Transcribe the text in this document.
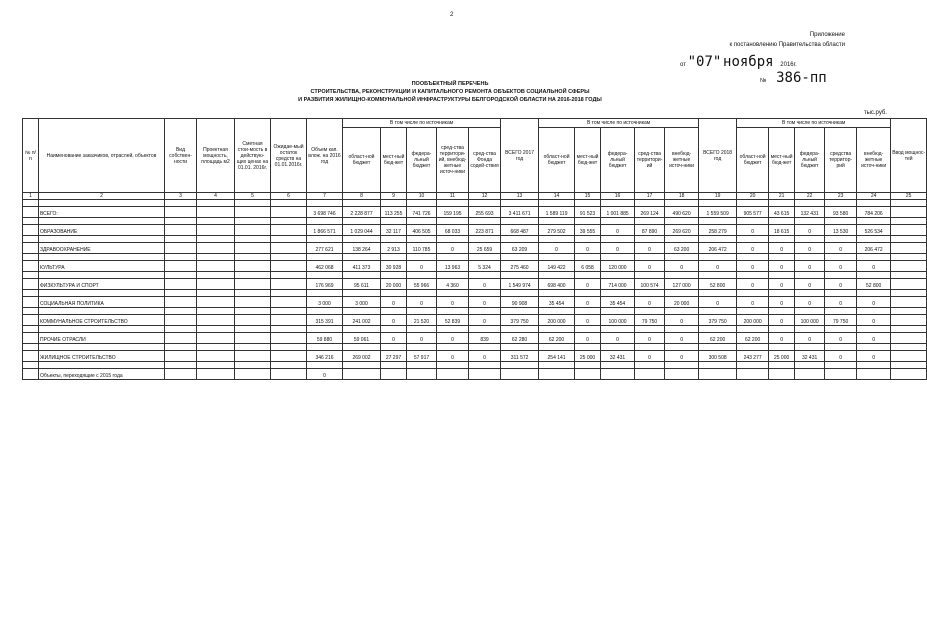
2
Приложение
к постановлению Правительства области
от "07" ноября 2016г.
№ 386-пп
ПООБЪЕКТНЫЙ ПЕРЕЧЕНЬ
СТРОИТЕЛЬСТВА, РЕКОНСТРУКЦИИ И КАПИТАЛЬНОГО РЕМОНТА ОБЪЕКТОВ СОЦИАЛЬНОЙ СФЕРЫ
И РАЗВИТИЯ ЖИЛИЩНО-КОММУНАЛЬНОЙ ИНФРАСТРУКТУРЫ БЕЛГОРОДСКОЙ ОБЛАСТИ НА 2016-2018 ГОДЫ
тыс.руб.
№ п/п	Наименование заказчиков, отраслей, объектов	Вид собствен-ности	Проектная мощность, площадь м2	Сметная стои-мость в действую-щих ценах на 01.01. 2016г.	Ожидае-мый остаток средств на 01.01.2016г.	Объем кап. влож. на 2016 год	В том числе по источникам					ВСЕГО 2017 год	В том числе по источникам					ВСЕГО 2018 год	В том числе по источникам					Ввод мощнос-тей
							област-ной бюджет	мест-ный бюд-жет	федера-льный бюджет	сред-ства территори-ий, внебюд-жетные источ-ники	сред-ства Фонда содей-ствия		област-ной бюджет	мест-ный бюд-жет	федера-льный бюджет	сред-ства территори-ий	внебюд-жетные источ-ники		област-ной бюджет	мест-ный бюд-жет	федера-льный бюджет	средства территор-рий	внебюд-жетные источ-ники	
1	2	3	4	5	6	7	8	9	10	11	12	13	14	15	16	17	18	19	20	21	22	23	24	25

	ВСЕГО:					3 698 746	2 228 877	113 255	741 726	159 195	255 693	3 411 671	1 589 119	91 523	1 001 885	269 124	490 620	1 559 509	905 577	43 615	132 431	93 580	784 206	

	ОБРАЗОВАНИЕ					1 866 571	1 029 044	32 117	406 505	68 033	223 871	668 487	279 502	39 555	0	87 890	269 620	258 279	0	18 615	0	13 530	526 534	

	ЗДРАВООХРАНЕНИЕ					277 621	138 264	2 913	110 785	0	25 659	63 209	0	0	0	0	63 200	206 472	0	0	0	0	206 472	

	КУЛЬТУРА					462 068	411 373	30 928	0	13 963	5 324	275 460	149 422	6 058	120 000	0	0	0	0	0	0	0	0	

	ФИЗКУЛЬТУРА И СПОРТ					176 969	95 611	20 000	55 966	4 360	0	1 549 974	698 400	0	714 000	100 574	127 000	52 800	0	0	0	0	52 800	

	СОЦИАЛЬНАЯ ПОЛИТИКА					3 000	3 000	0	0	0	0	90 908	35 454	0	35 454	0	20 000	0	0	0	0	0	0	

	КОММУНАЛЬНОЕ СТРОИТЕЛЬСТВО					315 391	241 002	0	21 520	52 839	0	379 750	200 000	0	100 000	79 750	0	379 750	200 000	0	100 000	79 750	0	

	ПРОЧИЕ ОТРАСЛИ					59 880	59 061	0	0	0	839	62 280	62 200	0	0	0	0	62 200	62 200	0	0	0	0	

	ЖИЛИЩНОЕ СТРОИТЕЛЬСТВО					346 216	269 002	27 297	57 917	0	0	311 572	254 141	25 000	32 431	0	0	300 508	243 277	25 000	32 431	0	0	

	Объекты, переходящие с 2015 года					0																		
